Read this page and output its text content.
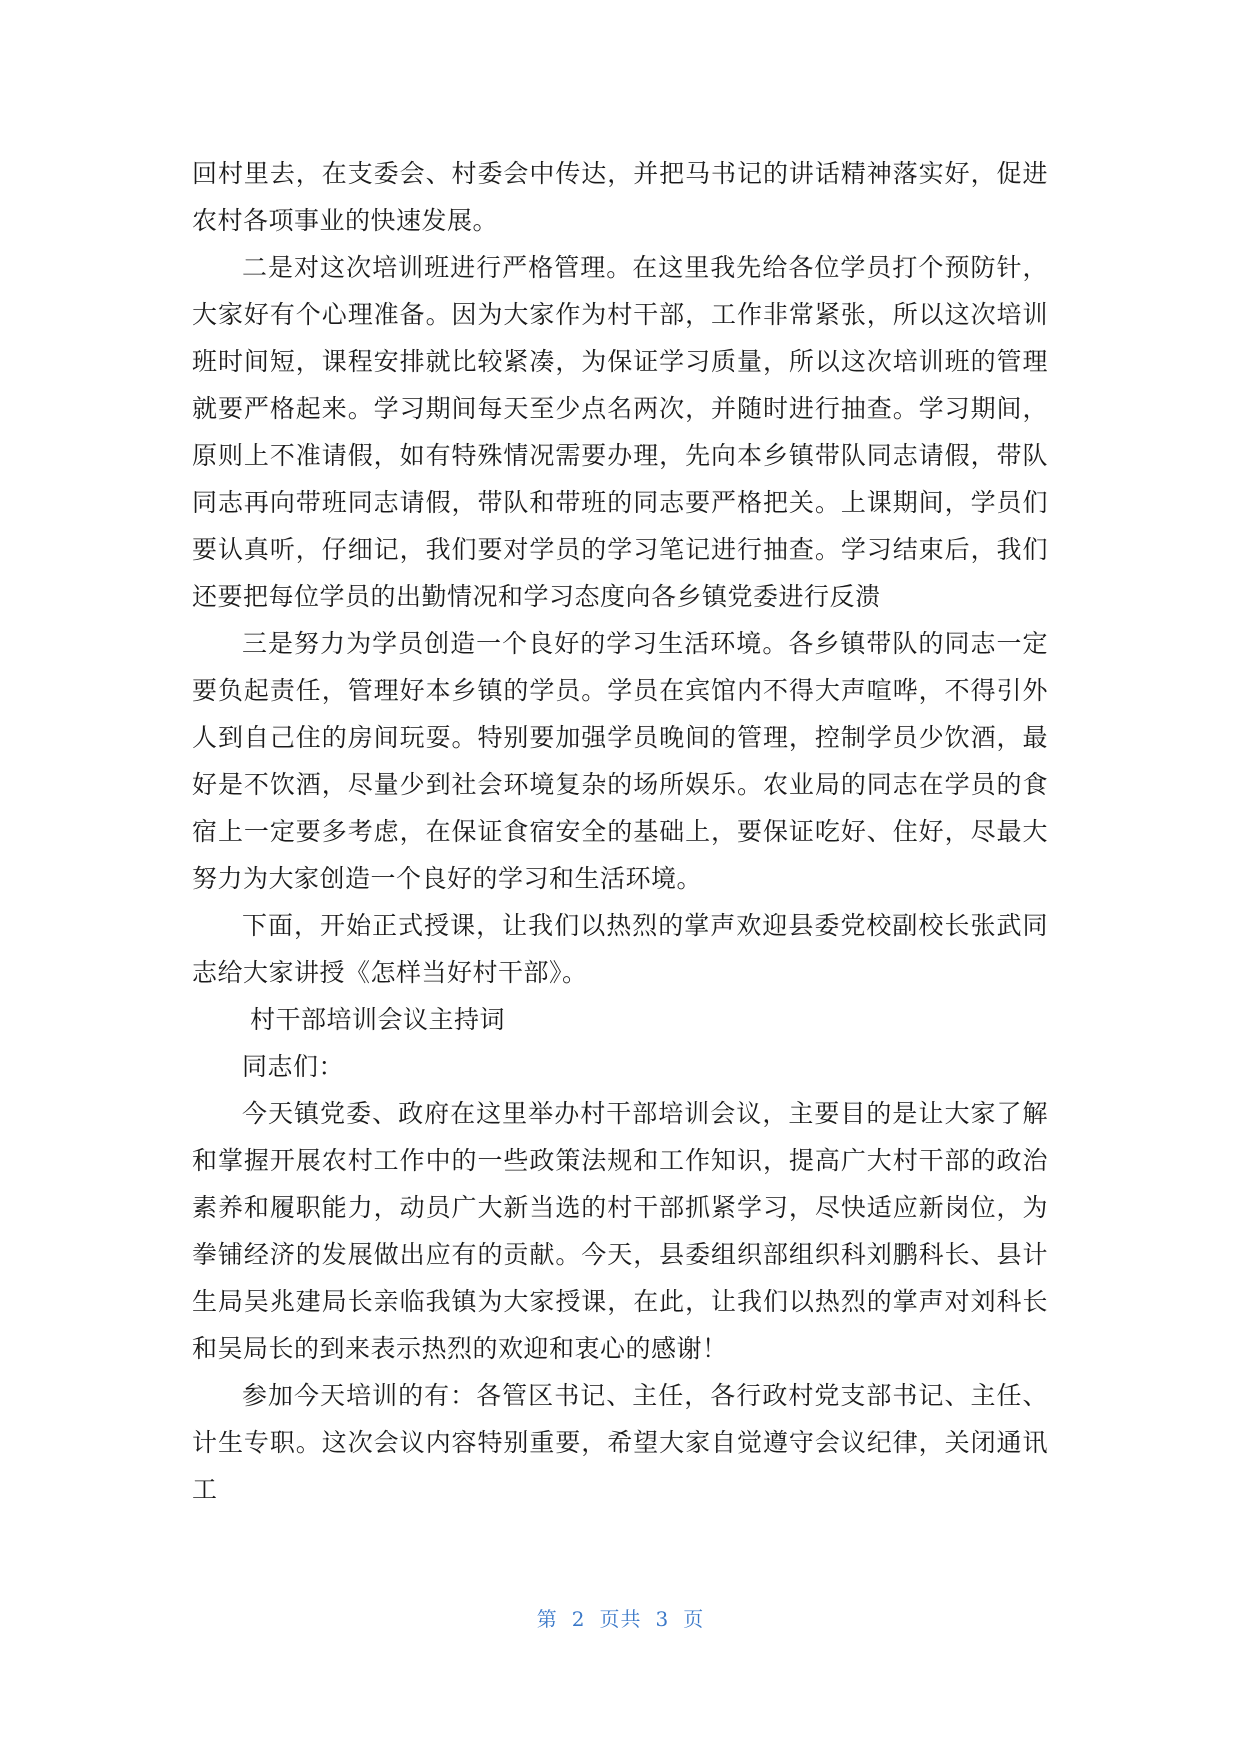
回村里去，在支委会、村委会中传达，并把马书记的讲话精神落实好，促进农村各项事业的快速发展。

二是对这次培训班进行严格管理。在这里我先给各位学员打个预防针，大家好有个心理准备。因为大家作为村干部，工作非常紧张，所以这次培训班时间短，课程安排就比较紧凑，为保证学习质量，所以这次培训班的管理就要严格起来。学习期间每天至少点名两次，并随时进行抽查。学习期间，原则上不准请假，如有特殊情况需要办理，先向本乡镇带队同志请假，带队同志再向带班同志请假，带队和带班的同志要严格把关。上课期间，学员们要认真听，仔细记，我们要对学员的学习笔记进行抽查。学习结束后，我们还要把每位学员的出勤情况和学习态度向各乡镇党委进行反溃

三是努力为学员创造一个良好的学习生活环境。各乡镇带队的同志一定要负起责任，管理好本乡镇的学员。学员在宾馆内不得大声喧哗，不得引外人到自己住的房间玩耍。特别要加强学员晚间的管理，控制学员少饮酒，最好是不饮酒，尽量少到社会环境复杂的场所娱乐。农业局的同志在学员的食宿上一定要多考虑，在保证食宿安全的基础上，要保证吃好、住好，尽最大努力为大家创造一个良好的学习和生活环境。

下面，开始正式授课，让我们以热烈的掌声欢迎县委党校副校长张武同志给大家讲授《怎样当好村干部》。

村干部培训会议主持词

同志们：

今天镇党委、政府在这里举办村干部培训会议，主要目的是让大家了解和掌握开展农村工作中的一些政策法规和工作知识，提高广大村干部的政治素养和履职能力，动员广大新当选的村干部抓紧学习，尽快适应新岗位，为拳铺经济的发展做出应有的贡献。今天，县委组织部组织科刘鹏科长、县计生局吴兆建局长亲临我镇为大家授课，在此，让我们以热烈的掌声对刘科长和吴局长的到来表示热烈的欢迎和衷心的感谢！

参加今天培训的有：各管区书记、主任，各行政村党支部书记、主任、计生专职。这次会议内容特别重要，希望大家自觉遵守会议纪律，关闭通讯工

第 2 页共 3 页
